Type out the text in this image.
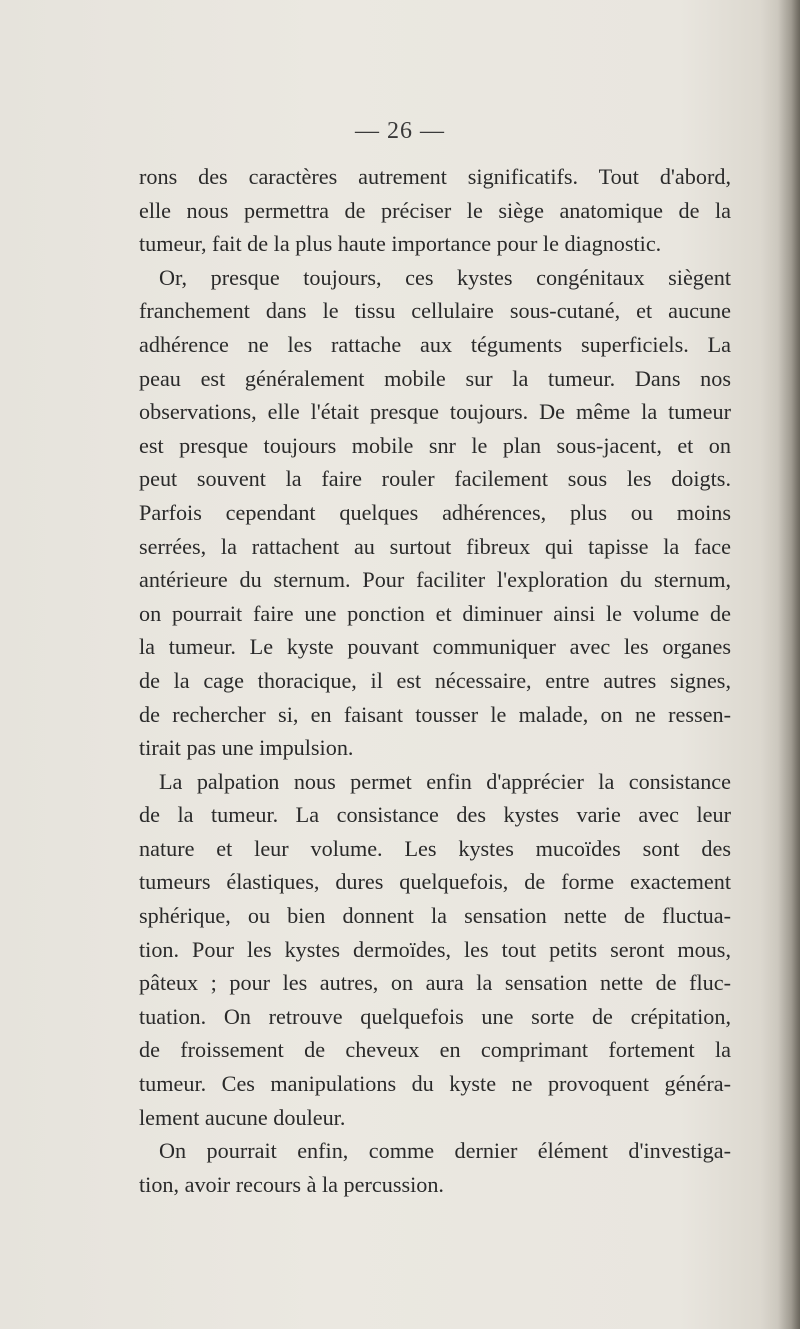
— 26 —
rons des caractères autrement significatifs. Tout d'abord,
elle nous permettra de préciser le siège anatomique de la
tumeur, fait de la plus haute importance pour le diagnostic.
Or, presque toujours, ces kystes congénitaux siègent
franchement dans le tissu cellulaire sous-cutané, et aucune
adhérence ne les rattache aux téguments superficiels. La
peau est généralement mobile sur la tumeur. Dans nos
observations, elle l'était presque toujours. De même la tumeur
est presque toujours mobile snr le plan sous-jacent, et on
peut souvent la faire rouler facilement sous les doigts.
Parfois cependant quelques adhérences, plus ou moins
serrées, la rattachent au surtout fibreux qui tapisse la face
antérieure du sternum. Pour faciliter l'exploration du sternum,
on pourrait faire une ponction et diminuer ainsi le volume de
la tumeur. Le kyste pouvant communiquer avec les organes
de la cage thoracique, il est nécessaire, entre autres signes,
de rechercher si, en faisant tousser le malade, on ne ressen-
tirait pas une impulsion.
La palpation nous permet enfin d'apprécier la consistance
de la tumeur. La consistance des kystes varie avec leur
nature et leur volume. Les kystes mucoïdes sont des
tumeurs élastiques, dures quelquefois, de forme exactement
sphérique, ou bien donnent la sensation nette de fluctua-
tion. Pour les kystes dermoïdes, les tout petits seront mous,
pâteux ; pour les autres, on aura la sensation nette de fluc-
tuation. On retrouve quelquefois une sorte de crépitation,
de froissement de cheveux en comprimant fortement la
tumeur. Ces manipulations du kyste ne provoquent généra-
lement aucune douleur.
On pourrait enfin, comme dernier élément d'investiga-
tion, avoir recours à la percussion.
